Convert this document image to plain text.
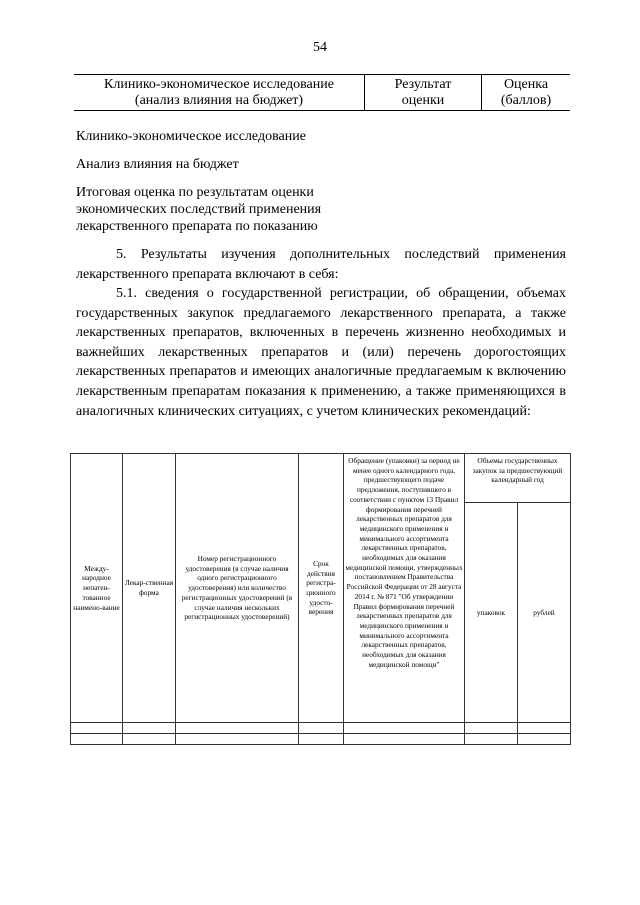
54
Клинико-экономическое исследование
(анализ влияния на бюджет)

Результат
оценки

Оценка
(баллов)
Клинико-экономическое исследование
Анализ влияния на бюджет
Итоговая оценка по результатам оценки экономических последствий применения лекарственного препарата по показанию
5. Результаты изучения дополнительных последствий применения лекарственного препарата включают в себя:
5.1. сведения о государственной регистрации, об обращении, объемах государственных закупок предлагаемого лекарственного препарата, а также лекарственных препаратов, включенных в перечень жизненно необходимых и важнейших лекарственных препаратов и (или) перечень дорогостоящих лекарственных препаратов и имеющих аналогичные предлагаемым к включению лекарственным препаратам показания к применению, а также применяющихся в аналогичных клинических ситуациях, с учетом клинических рекомендаций:
Между-народное непатен-тованное наимено-вание	Лекар-ственная форма	Номер регистрационного удостоверения (в случае наличия одного регистрационного удостоверения) или количество регистрационных удостоверений (в случае наличия нескольких регистрационных удостоверений)	Срок действия регистра-ционного удосто-верения	Обращение (упаковки) за период не менее одного календарного года, предшествующего подаче предложения, поступившего в соответствии с пунктом 13 Правил формирования перечней лекарственных препаратов для медицинского применения и минимального ассортимента лекарственных препаратов, необходимых для оказания медицинской помощи, утвержденных постановлением Правительства Российской Федерации от 28 августа 2014 г. № 871 "Об утверждении Правил формирования перечней лекарственных препаратов для медицинского применения и минимального ассортимента лекарственных препаратов, необходимых для оказания медицинской помощи"	Объемы государственных закупок за предшествующий календарный год	
					упаковок	рублей
